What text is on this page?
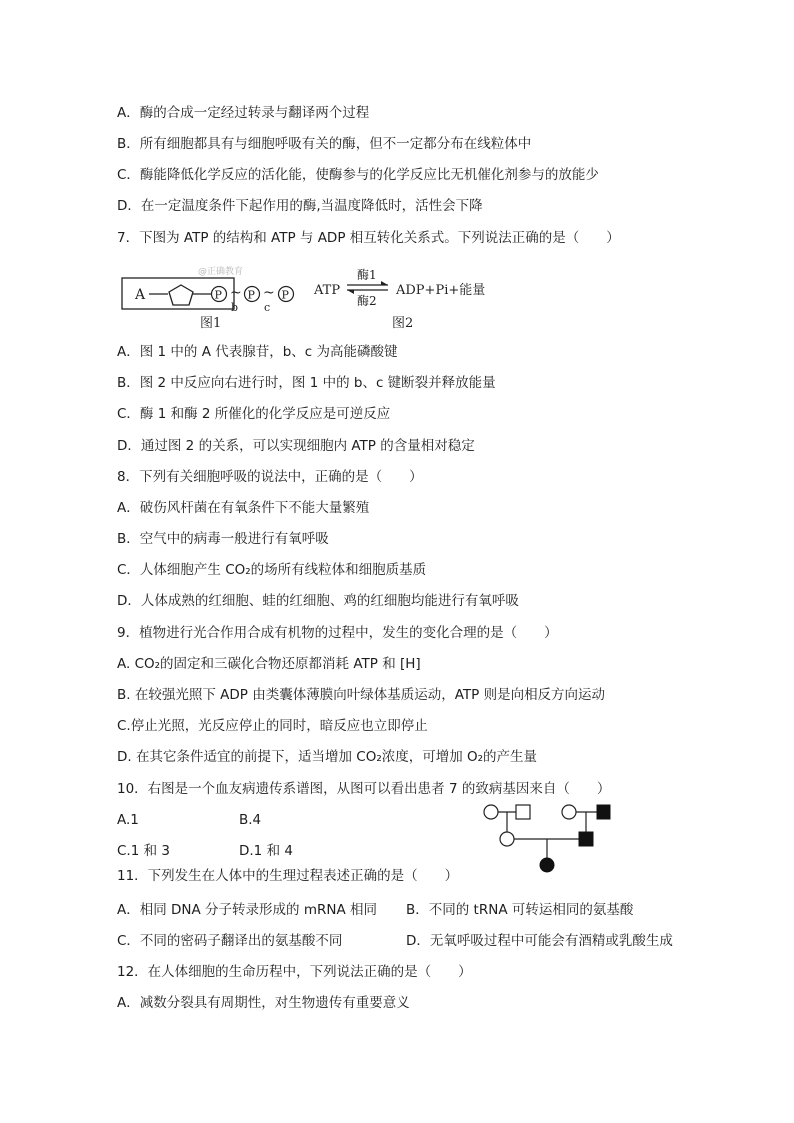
A．酶的合成一定经过转录与翻译两个过程
B．所有细胞都具有与细胞呼吸有关的酶，但不一定都分布在线粒体中
C．酶能降低化学反应的活化能，使酶参与的化学反应比无机催化剂参与的放能少
D．在一定温度条件下起作用的酶,当温度降低时，活性会下降
7．下图为 ATP 的结构和 ATP 与 ADP 相互转化关系式。下列说法正确的是（　　）
@正确教育
A	P ~
b
P ~
c
P
图1
ATP
酶1
酶2
ADP+Pi+能量
图2
A．图 1 中的 A 代表腺苷，b、c 为高能磷酸键
B．图 2 中反应向右进行时，图 1 中的 b、c 键断裂并释放能量
C．酶 1 和酶 2 所催化的化学反应是可逆反应
D．通过图 2 的关系，可以实现细胞内 ATP 的含量相对稳定
8．下列有关细胞呼吸的说法中，正确的是（　　）
A．破伤风杆菌在有氧条件下不能大量繁殖
B．空气中的病毒一般进行有氧呼吸
C．人体细胞产生 CO₂的场所有线粒体和细胞质基质
D．人体成熟的红细胞、蛙的红细胞、鸡的红细胞均能进行有氧呼吸
9．植物进行光合作用合成有机物的过程中，发生的变化合理的是（　　）
A. CO₂的固定和三碳化合物还原都消耗 ATP 和 [H]
B. 在较强光照下 ADP 由类囊体薄膜向叶绿体基质运动，ATP 则是向相反方向运动
C.停止光照，光反应停止的同时，暗反应也立即停止
D. 在其它条件适宜的前提下，适当增加 CO₂浓度，可增加 O₂的产生量
10．右图是一个血友病遗传系谱图，从图可以看出患者 7 的致病基因来自（　　）
A.1	B.4
C.1 和 3	D.1 和 4
11．下列发生在人体中的生理过程表述正确的是（　　）
A．相同 DNA 分子转录形成的 mRNA 相同 B．不同的 tRNA 可转运相同的氨基酸
C．不同的密码子翻译出的氨基酸不同	D．无氧呼吸过程中可能会有酒精或乳酸生成
12．在人体细胞的生命历程中，下列说法正确的是（　　）
A．减数分裂具有周期性，对生物遗传有重要意义
